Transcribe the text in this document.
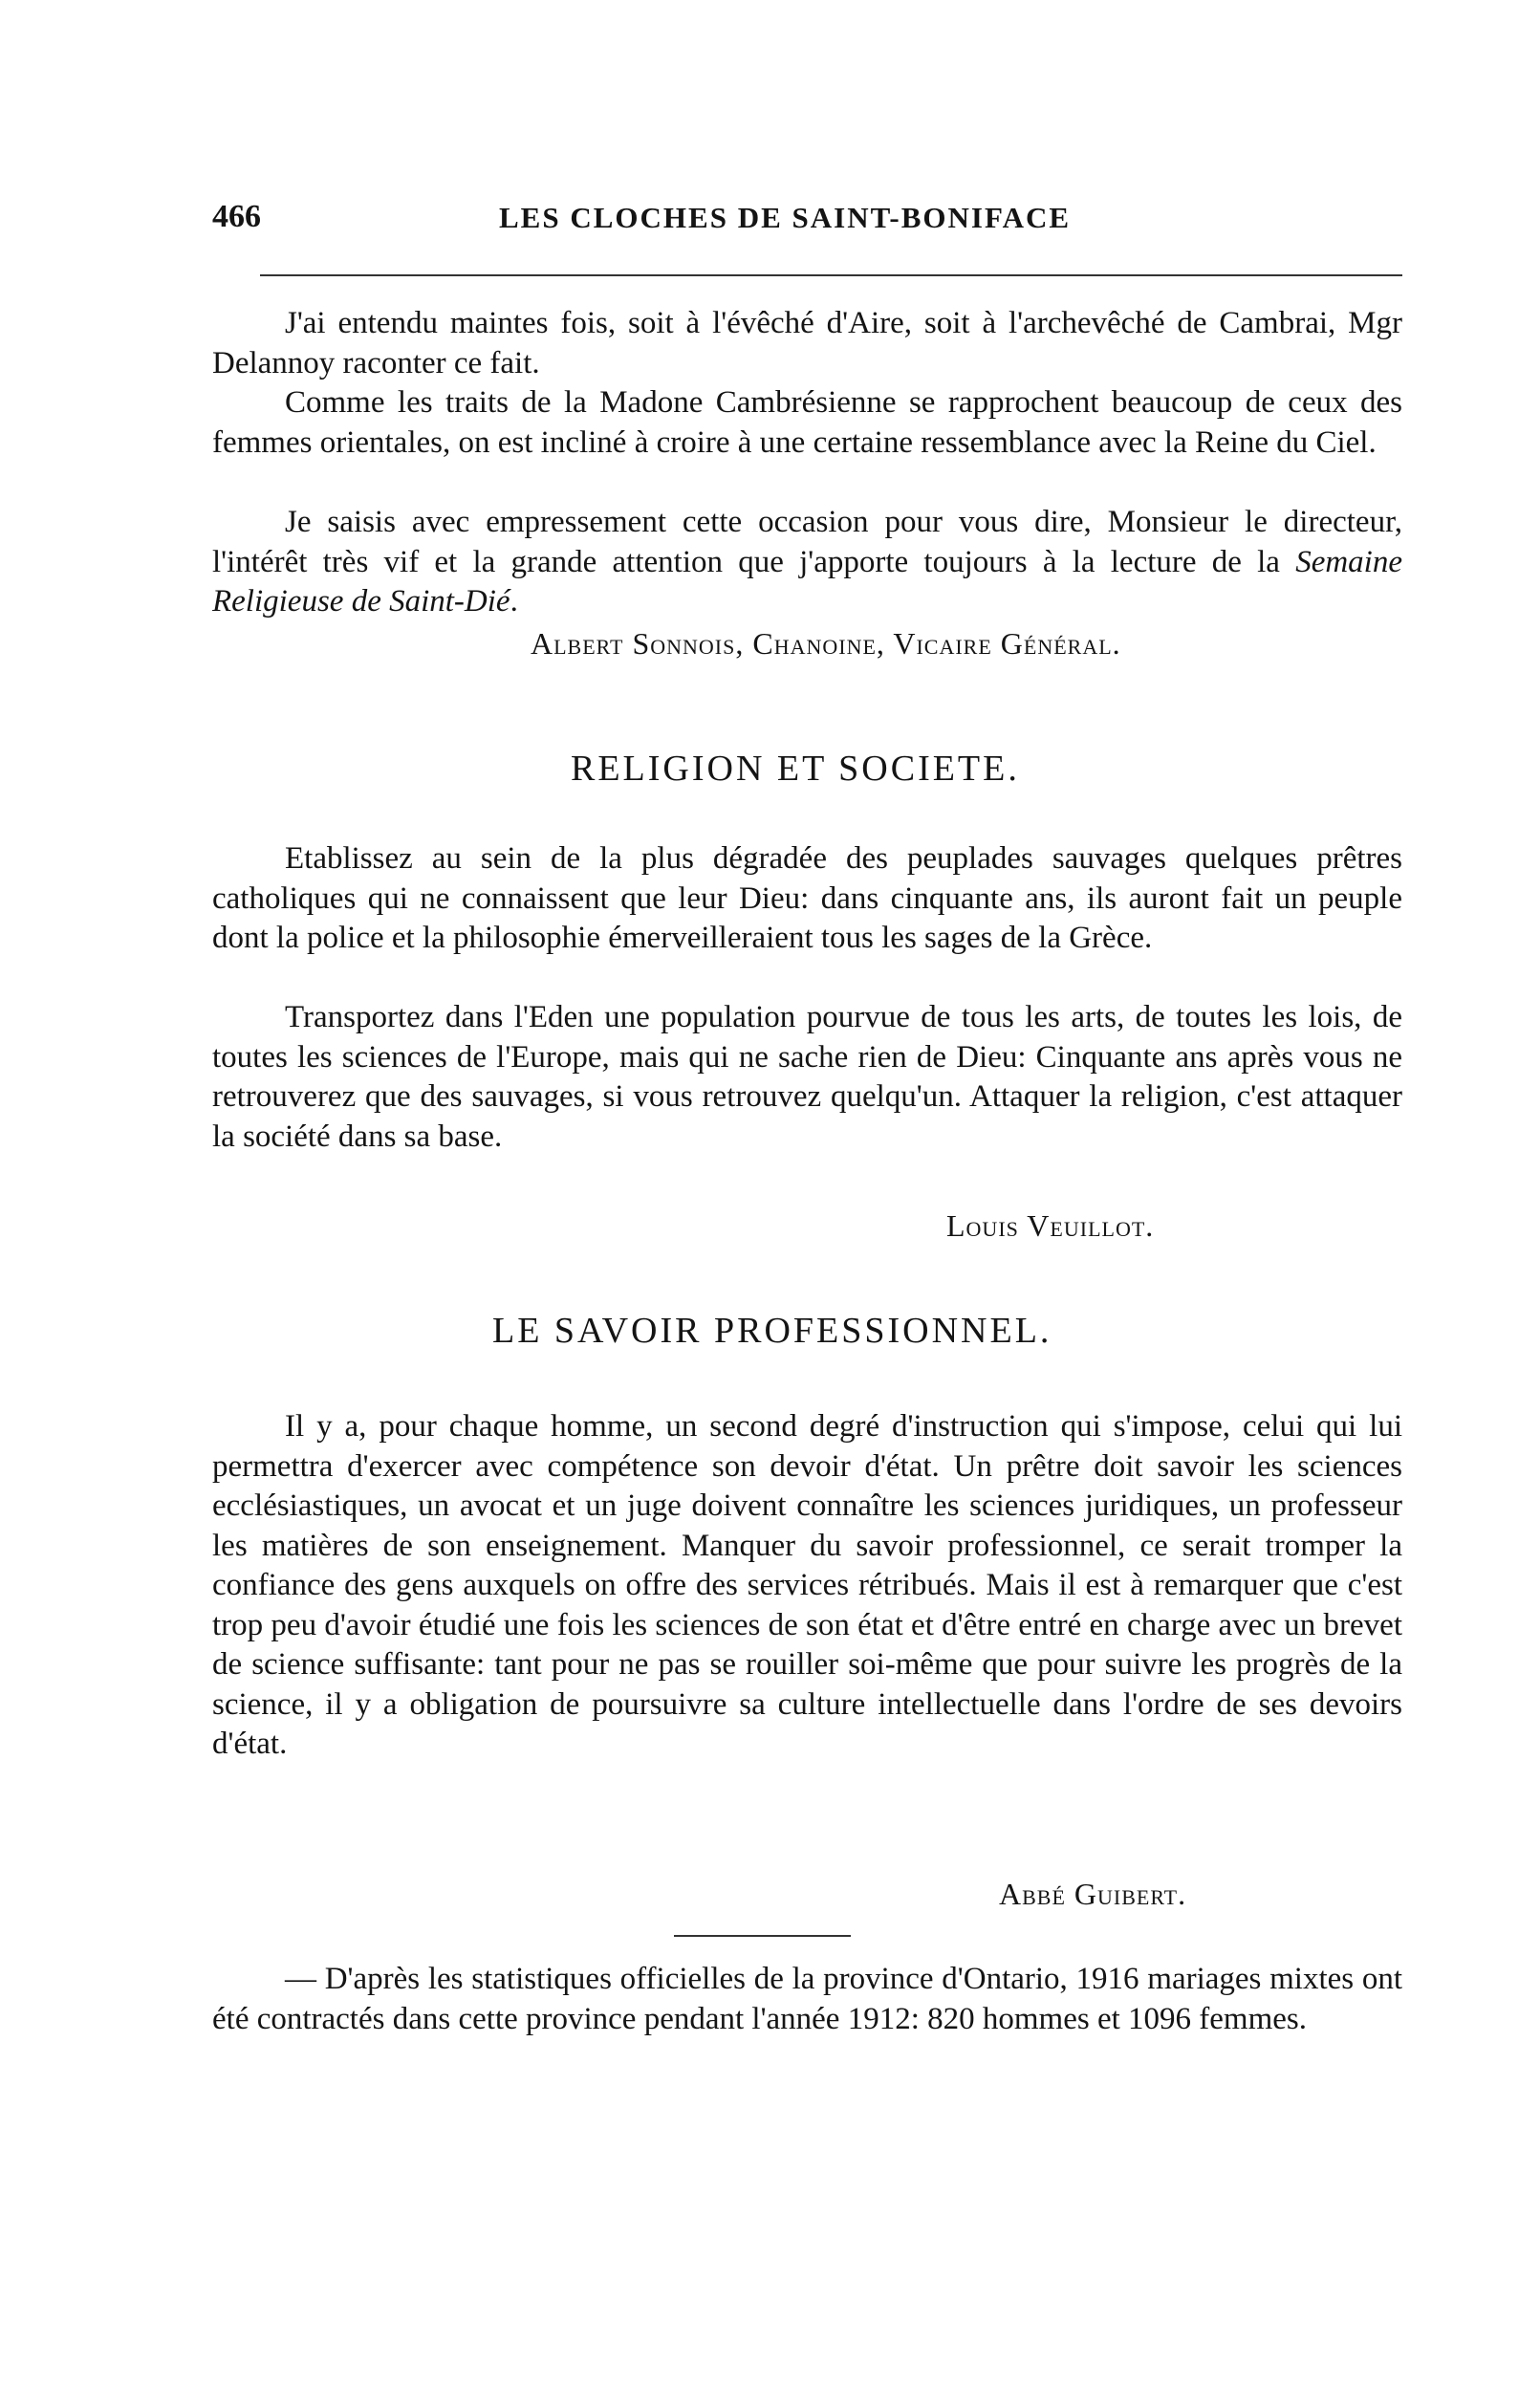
466	LES CLOCHES DE SAINT-BONIFACE

J'ai entendu maintes fois, soit à l'évêché d'Aire, soit à l'archevêché de Cambrai, Mgr Delannoy raconter ce fait.

Comme les traits de la Madone Cambrésienne se rapprochent beaucoup de ceux des femmes orientales, on est incliné à croire à une certaine ressemblance avec la Reine du Ciel.

Je saisis avec empressement cette occasion pour vous dire, Monsieur le directeur, l'intérêt très vif et la grande attention que j'apporte toujours à la lecture de la Semaine Religieuse de Saint-Dié.

Albert Sonnois, Chanoine, Vicaire Général.

RELIGION ET SOCIETE.

Etablissez au sein de la plus dégradée des peuplades sauvages quelques prêtres catholiques qui ne connaissent que leur Dieu: dans cinquante ans, ils auront fait un peuple dont la police et la philosophie émerveilleraient tous les sages de la Grèce.

Transportez dans l'Eden une population pourvue de tous les arts, de toutes les lois, de toutes les sciences de l'Europe, mais qui ne sache rien de Dieu: Cinquante ans après vous ne retrouverez que des sauvages, si vous retrouvez quelqu'un. Attaquer la religion, c'est attaquer la société dans sa base.

Louis Veuillot.

LE SAVOIR PROFESSIONNEL.

Il y a, pour chaque homme, un second degré d'instruction qui s'impose, celui qui lui permettra d'exercer avec compétence son devoir d'état. Un prêtre doit savoir les sciences ecclésiastiques, un avocat et un juge doivent connaître les sciences juridiques, un professeur les matières de son enseignement. Manquer du savoir professionnel, ce serait tromper la confiance des gens auxquels on offre des services rétribués. Mais il est à remarquer que c'est trop peu d'avoir étudié une fois les sciences de son état et d'être entré en charge avec un brevet de science suffisante: tant pour ne pas se rouiller soi-même que pour suivre les progrès de la science, il y a obligation de poursuivre sa culture intellectuelle dans l'ordre de ses devoirs d'état.

Abbé Guibert.

— D'après les statistiques officielles de la province d'Ontario, 1916 mariages mixtes ont été contractés dans cette province pendant l'année 1912: 820 hommes et 1096 femmes.
